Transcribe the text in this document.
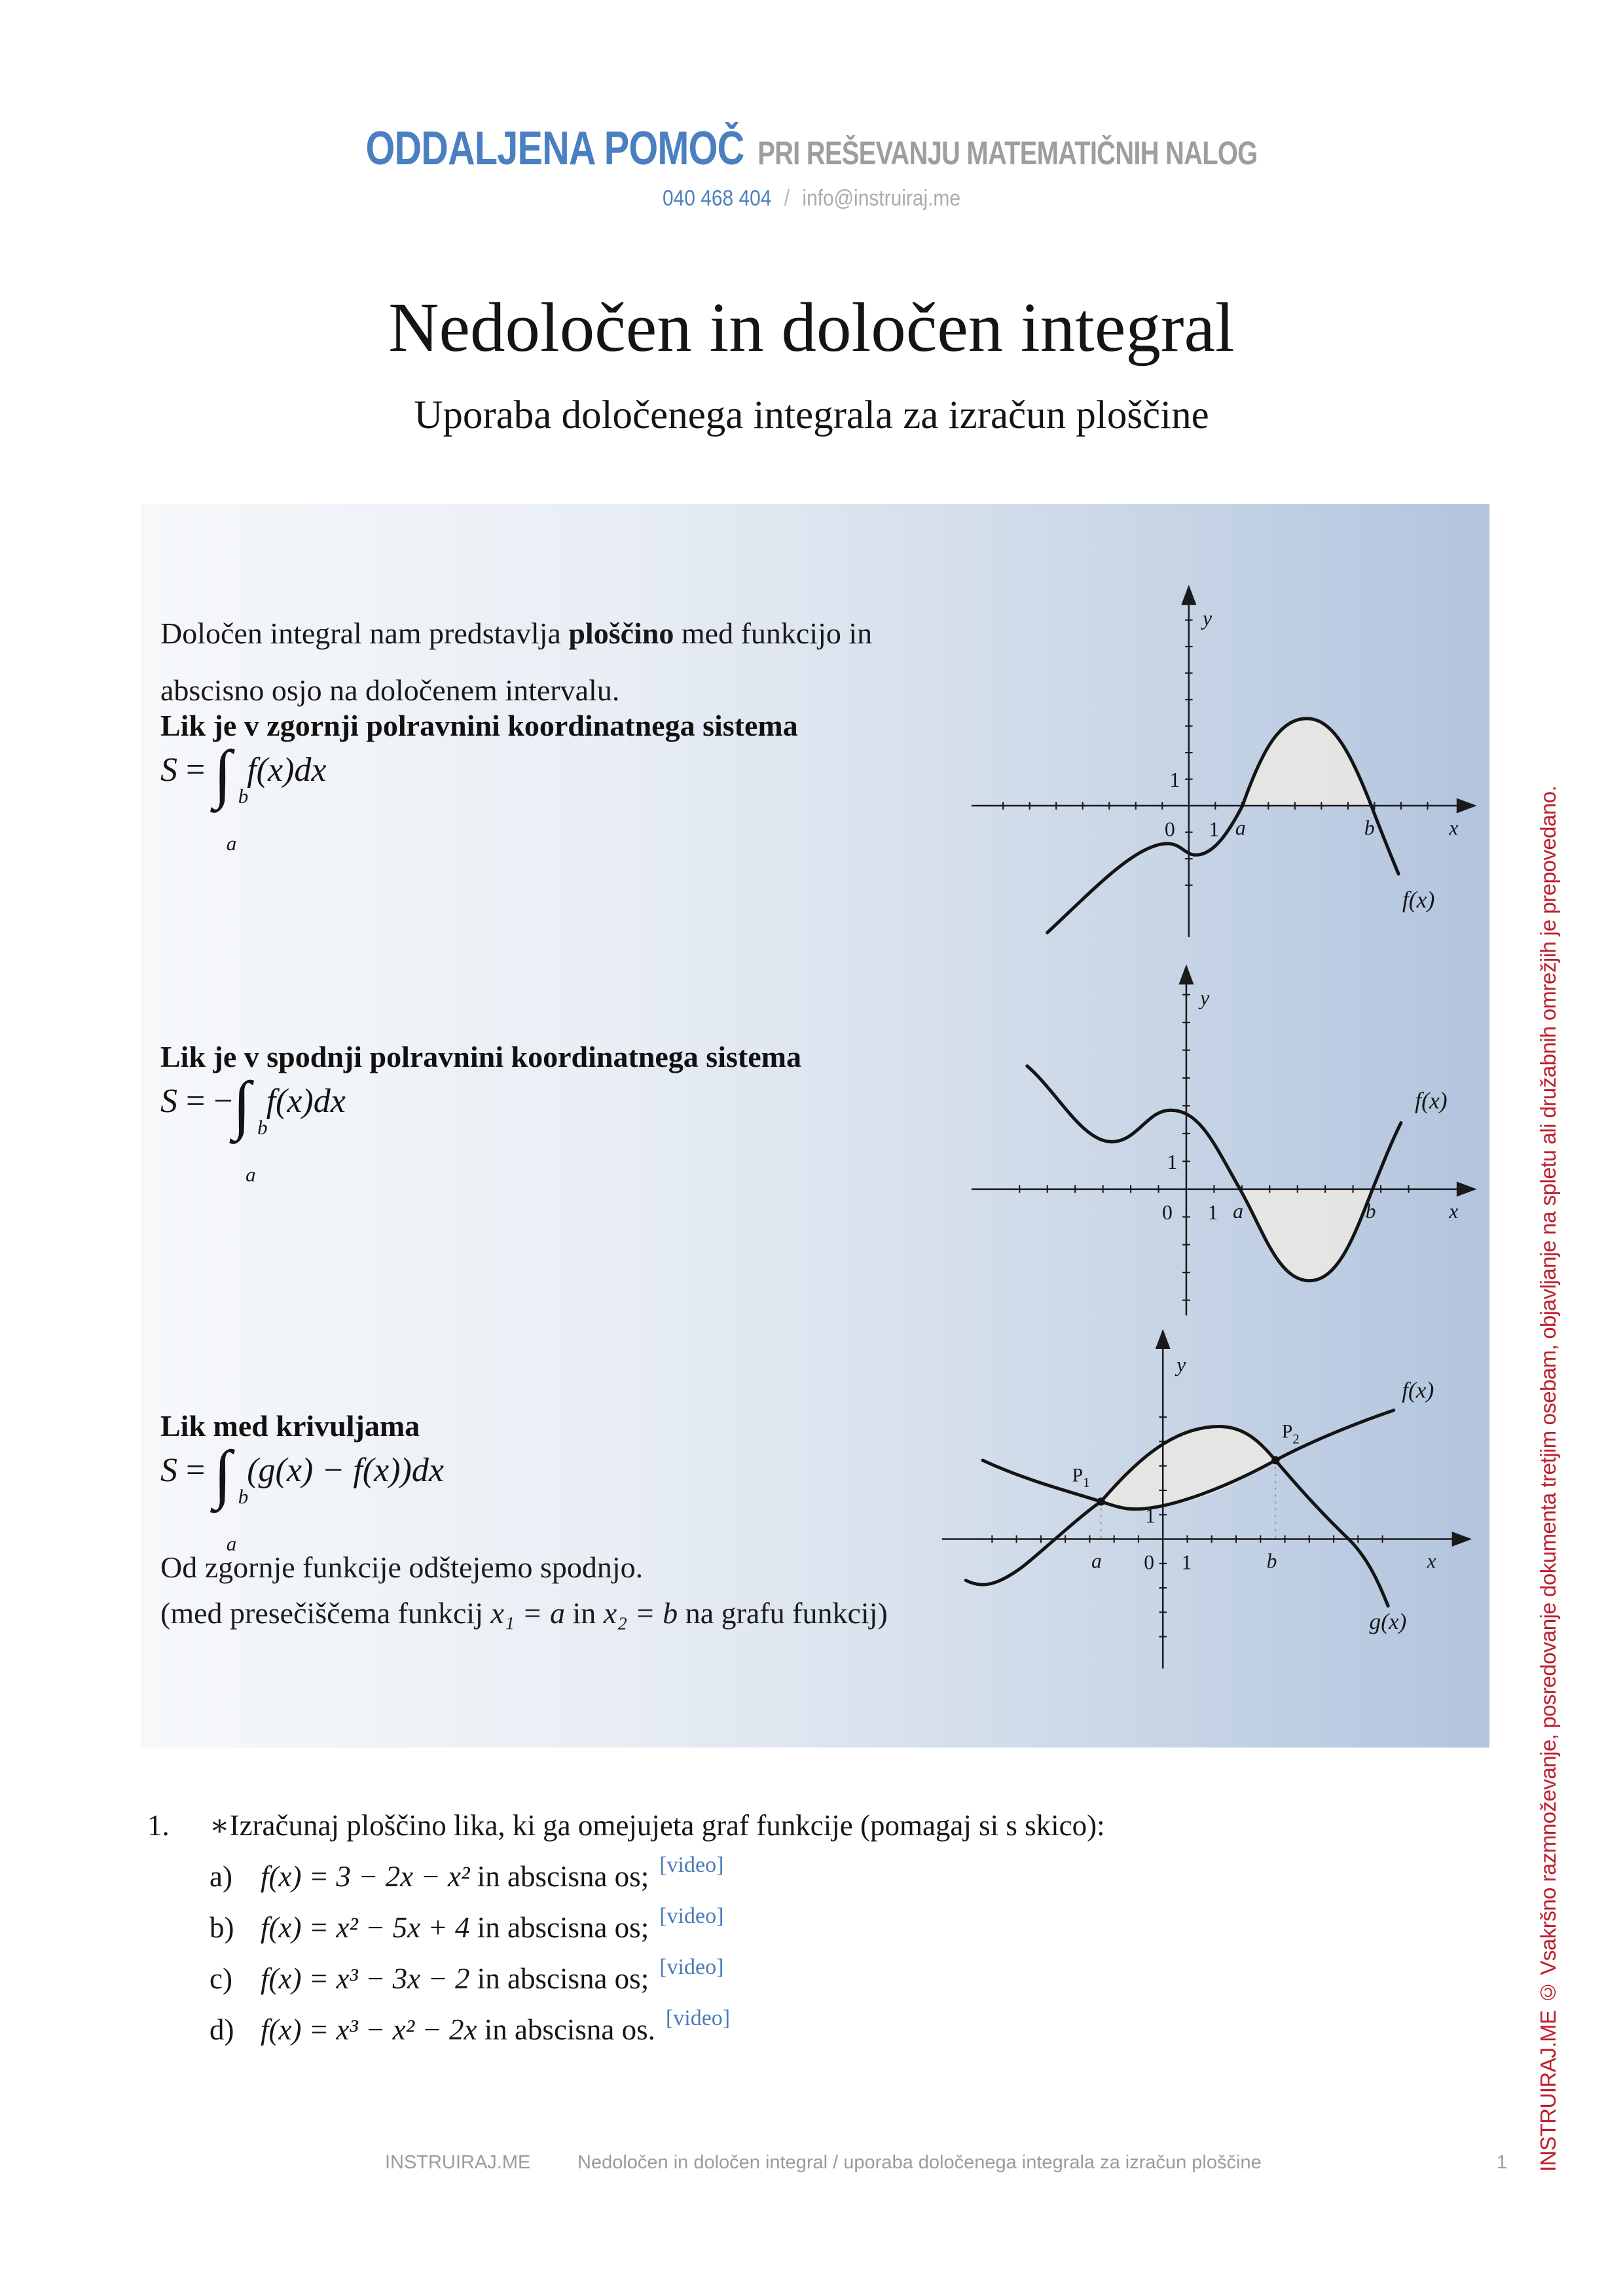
ODDALJENA POMOČ PRI REŠEVANJU MATEMATIČNIH NALOG
040 468 404 / info@instruiraj.me
Nedoločen in določen integral
Uporaba določenega integrala za izračun ploščine

Določen integral nam predstavlja ploščino med funkcijo in
abscisno osjo na določenem intervalu.

Lik je v zgornji polravnini koordinatnega sistema
S = ∫ b
a
f(x)dx
Lik je v spodnji polravnini koordinatnega sistema
S = −∫ b
a
f(x)dx
Lik med krivuljama
S = ∫ b
a
(g(x) − f(x))dx
Od zgornje funkcije odštejemo spodnjo.
(med presečiščema funkcij x₁ = a in x₂ = b na grafu funkcij)
y
x
0 1
1
a	b
f(x)
y
x
0 1
1
a	b
f(x)
$P_1$
$P_2$
y
x
0 1
1
a	b
f(x)
g(x)
1.	∗Izračunaj ploščino lika, ki ga omejujeta graf funkcije (pomagaj si s skico):
a) f(x) = 3 − 2x − x² in abscisna os; [video]
b) f(x) = x² − 5x + 4 in abscisna os; [video]
c) f(x) = x³ − 3x − 2 in abscisna os; [video]
d) f(x) = x³ − x² − 2x in abscisna os. [video]
INSTRUIRAJ.ME Nedoločen in določen integral / uporaba določenega integrala za izračun ploščine	1 INSTRUIRAJ.ME © Vsakršno razmnoževanje, posredovanje dokumenta tretjim osebam, objavljanje na spletu ali družabnih omrežjih je prepovedano.
